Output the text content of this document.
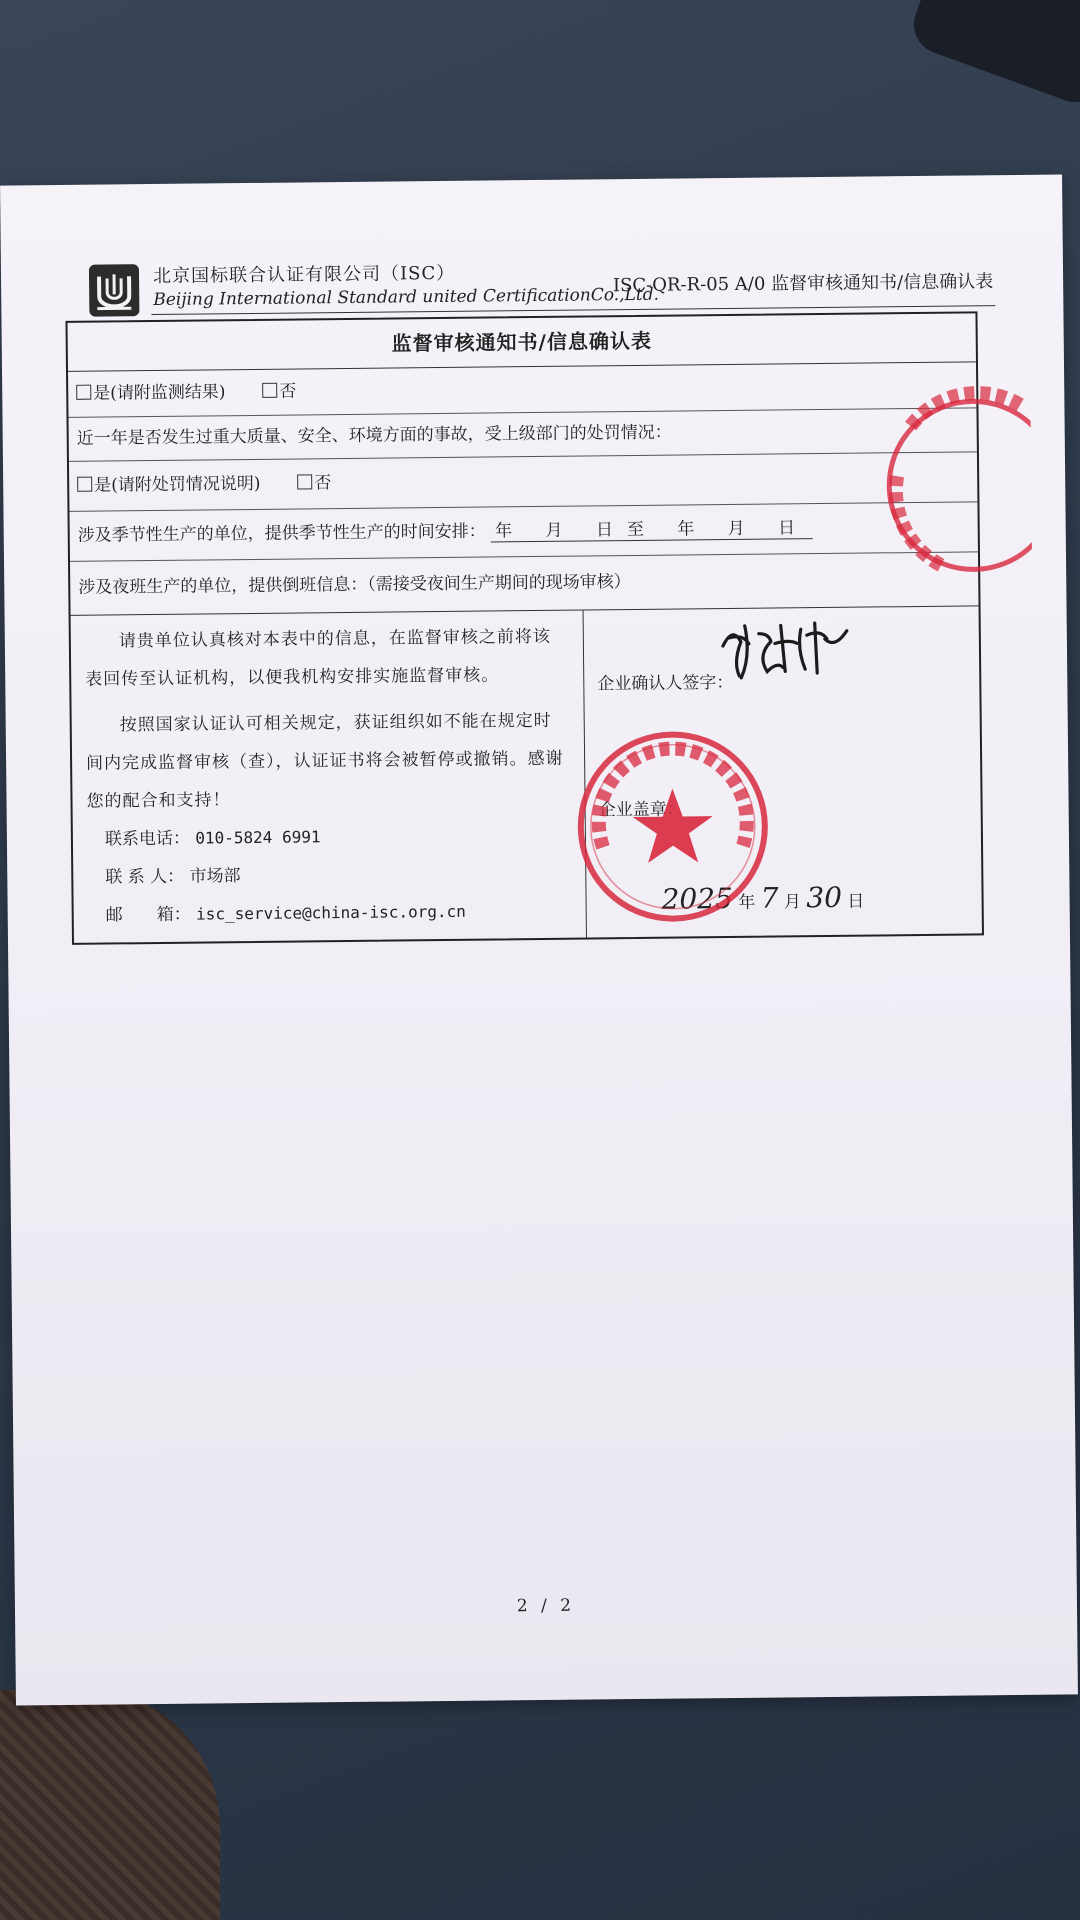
北京国标联合认证有限公司（ISC）
Beijing International Standard united CertificationCo.,Ltd.
ISC-QR-R-05 A/0 监督审核通知书/信息确认表
监督审核通知书/信息确认表
是(请附监测结果)	否
近一年是否发生过重大质量、安全、环境方面的事故，受上级部门的处罚情况：
是(请附处罚情况说明)	否
涉及季节性生产的单位，提供季节性生产的时间安排： 年 月 日至 年 月 日
涉及夜班生产的单位，提供倒班信息：（需接受夜间生产期间的现场审核）
请贵单位认真核对本表中的信息，在监督审核之前将该表回传至认证机构，以便我机构安排实施监督审核。
按照国家认证认可相关规定，获证组织如不能在规定时间内完成监督审核（查），认证证书将会被暂停或撤销。感谢您的配合和支持！
联系电话： 010-5824 6991
联 系 人： 市场部
邮　　箱： isc_service@china-isc.org.cn
企业确认人签字：
企业盖章：
2025 年 7 月 30 日
2 / 2
